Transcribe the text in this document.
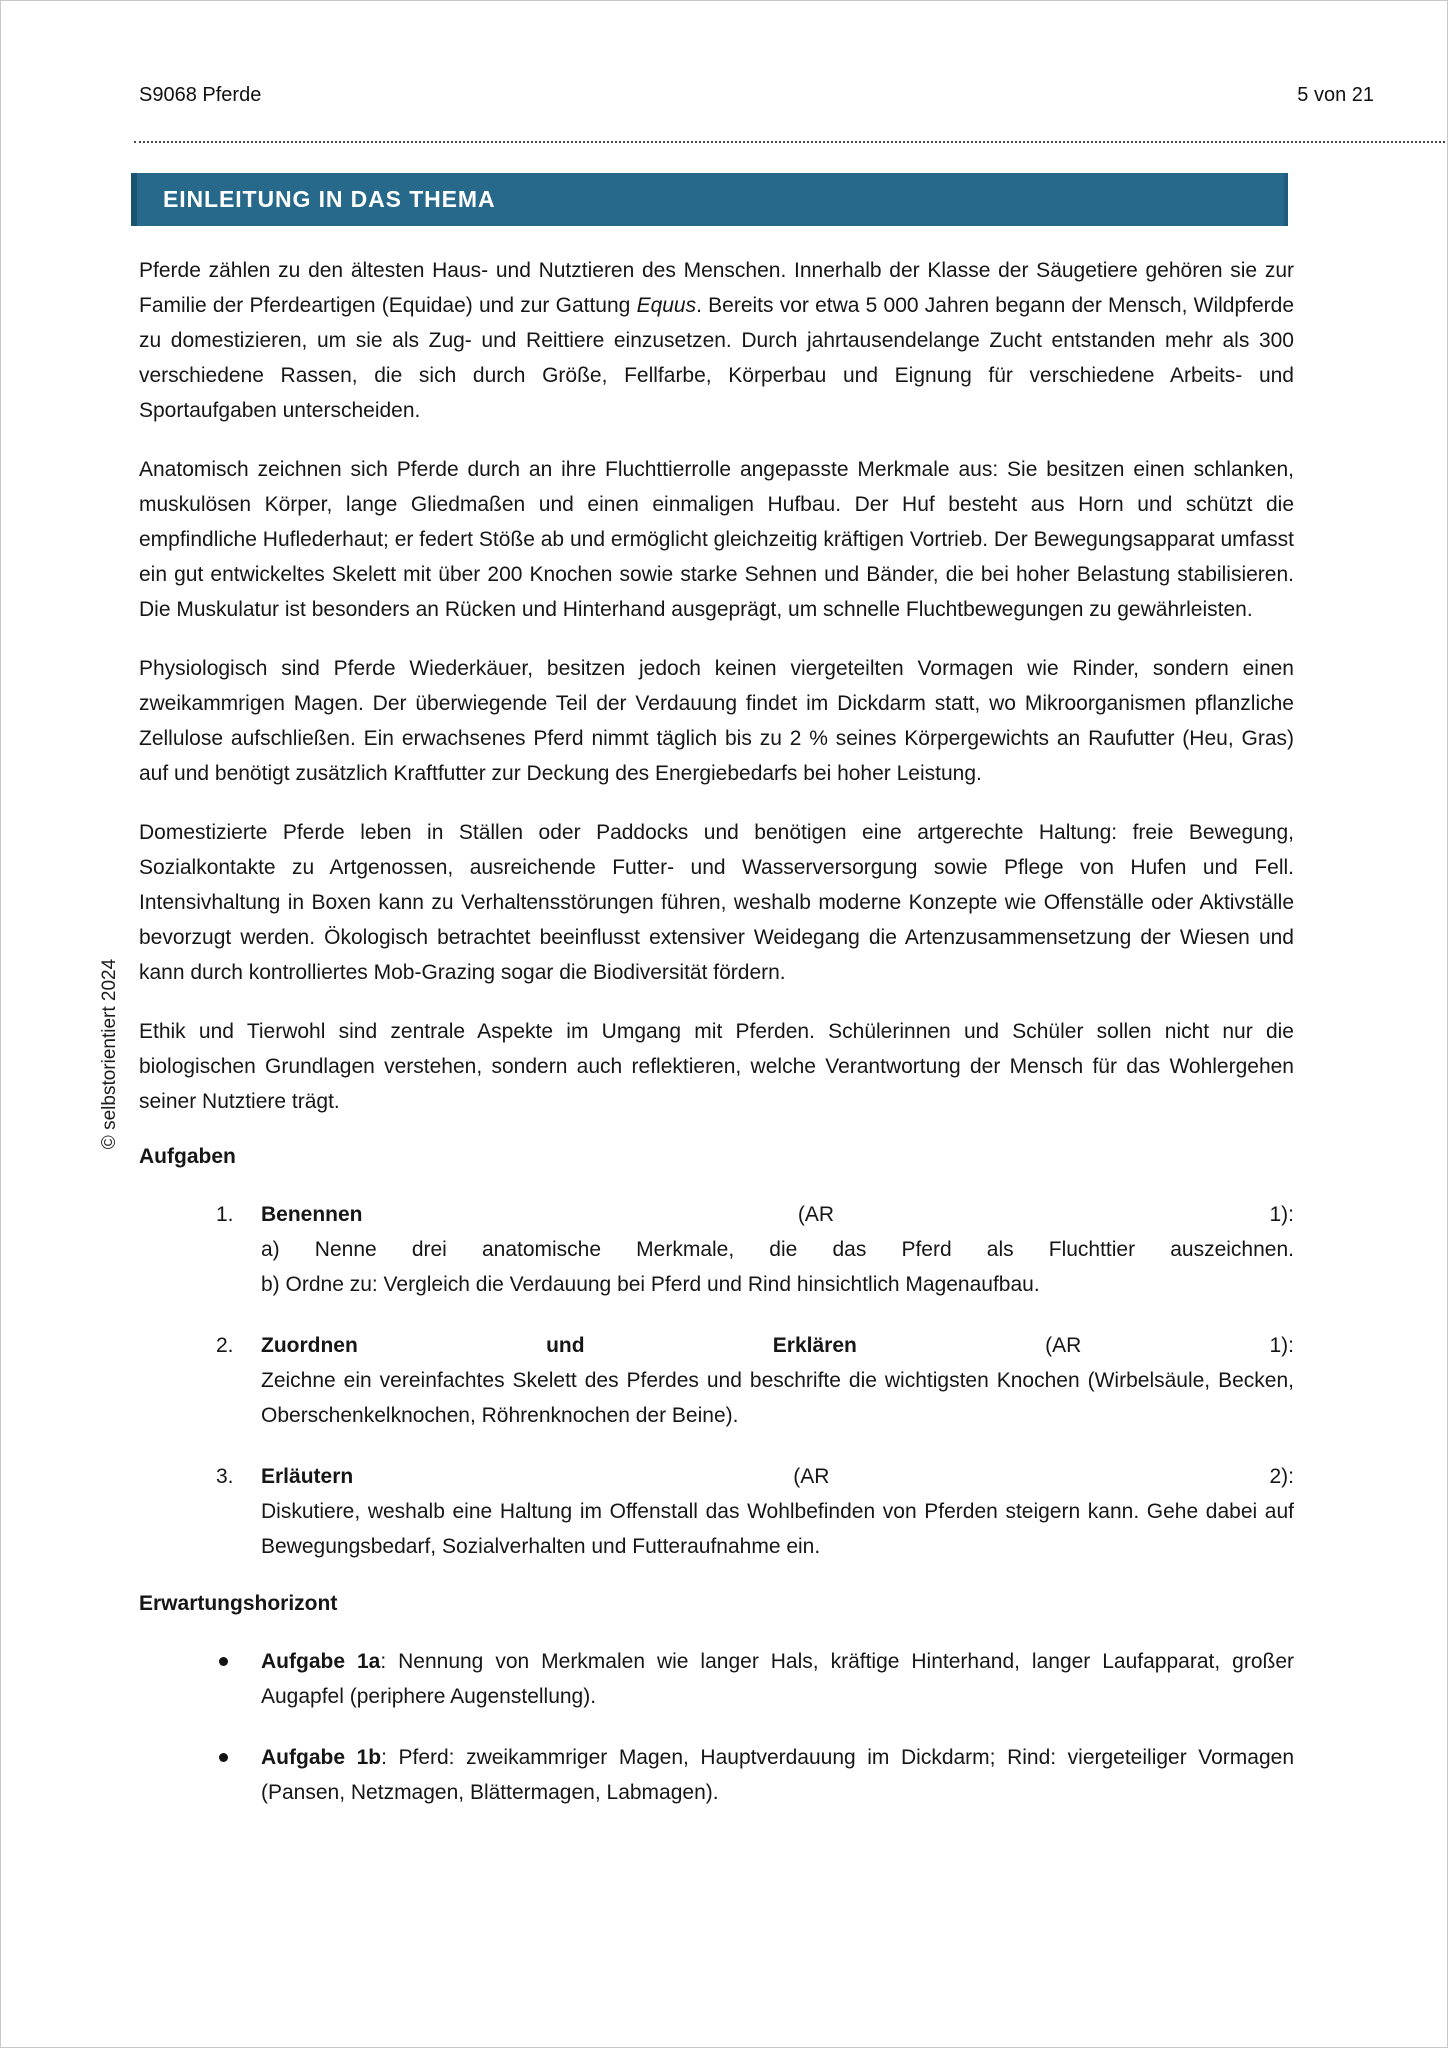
S9068 Pferde	5 von 21
EINLEITUNG IN DAS THEMA
© selbstorientiert 2024
Pferde zählen zu den ältesten Haus- und Nutztieren des Menschen. Innerhalb der Klasse der Säugetiere gehören sie zur Familie der Pferdeartigen (Equidae) und zur Gattung Equus. Bereits vor etwa 5 000 Jahren begann der Mensch, Wildpferde zu domestizieren, um sie als Zug- und Reittiere einzusetzen. Durch jahrtausendelange Zucht entstanden mehr als 300 verschiedene Rassen, die sich durch Größe, Fellfarbe, Körperbau und Eignung für verschiedene Arbeits- und Sportaufgaben unterscheiden.
Anatomisch zeichnen sich Pferde durch an ihre Fluchttierrolle angepasste Merkmale aus: Sie besitzen einen schlanken, muskulösen Körper, lange Gliedmaßen und einen einmaligen Hufbau. Der Huf besteht aus Horn und schützt die empfindliche Huflederhaut; er federt Stöße ab und ermöglicht gleichzeitig kräftigen Vortrieb. Der Bewegungsapparat umfasst ein gut entwickeltes Skelett mit über 200 Knochen sowie starke Sehnen und Bänder, die bei hoher Belastung stabilisieren. Die Muskulatur ist besonders an Rücken und Hinterhand ausgeprägt, um schnelle Fluchtbewegungen zu gewährleisten.
Physiologisch sind Pferde Wiederkäuer, besitzen jedoch keinen viergeteilten Vormagen wie Rinder, sondern einen zweikammrigen Magen. Der überwiegende Teil der Verdauung findet im Dickdarm statt, wo Mikroorganismen pflanzliche Zellulose aufschließen. Ein erwachsenes Pferd nimmt täglich bis zu 2 % seines Körpergewichts an Raufutter (Heu, Gras) auf und benötigt zusätzlich Kraftfutter zur Deckung des Energiebedarfs bei hoher Leistung.
Domestizierte Pferde leben in Ställen oder Paddocks und benötigen eine artgerechte Haltung: freie Bewegung, Sozialkontakte zu Artgenossen, ausreichende Futter- und Wasserversorgung sowie Pflege von Hufen und Fell. Intensivhaltung in Boxen kann zu Verhaltensstörungen führen, weshalb moderne Konzepte wie Offenställe oder Aktivställe bevorzugt werden. Ökologisch betrachtet beeinflusst extensiver Weidegang die Artenzusammensetzung der Wiesen und kann durch kontrolliertes Mob-Grazing sogar die Biodiversität fördern.
Ethik und Tierwohl sind zentrale Aspekte im Umgang mit Pferden. Schülerinnen und Schüler sollen nicht nur die biologischen Grundlagen verstehen, sondern auch reflektieren, welche Verantwortung der Mensch für das Wohlergehen seiner Nutztiere trägt.
Aufgaben
1. Benennen	(AR	1):
a) Nenne drei anatomische Merkmale, die das Pferd als Fluchttier auszeichnen.
b) Ordne zu: Vergleich die Verdauung bei Pferd und Rind hinsichtlich Magenaufbau.
2. Zuordnen	und	Erklären	(AR	1):
Zeichne ein vereinfachtes Skelett des Pferdes und beschrifte die wichtigsten Knochen (Wirbelsäule, Becken, Oberschenkelknochen, Röhrenknochen der Beine).
3. Erläutern	(AR	2):
Diskutiere, weshalb eine Haltung im Offenstall das Wohlbefinden von Pferden steigern kann. Gehe dabei auf Bewegungsbedarf, Sozialverhalten und Futteraufnahme ein.
Erwartungshorizont
Aufgabe 1a: Nennung von Merkmalen wie langer Hals, kräftige Hinterhand, langer Laufapparat, großer Augapfel (periphere Augenstellung).
Aufgabe 1b: Pferd: zweikammriger Magen, Hauptverdauung im Dickdarm; Rind: viergeteiliger Vormagen (Pansen, Netzmagen, Blättermagen, Labmagen).
